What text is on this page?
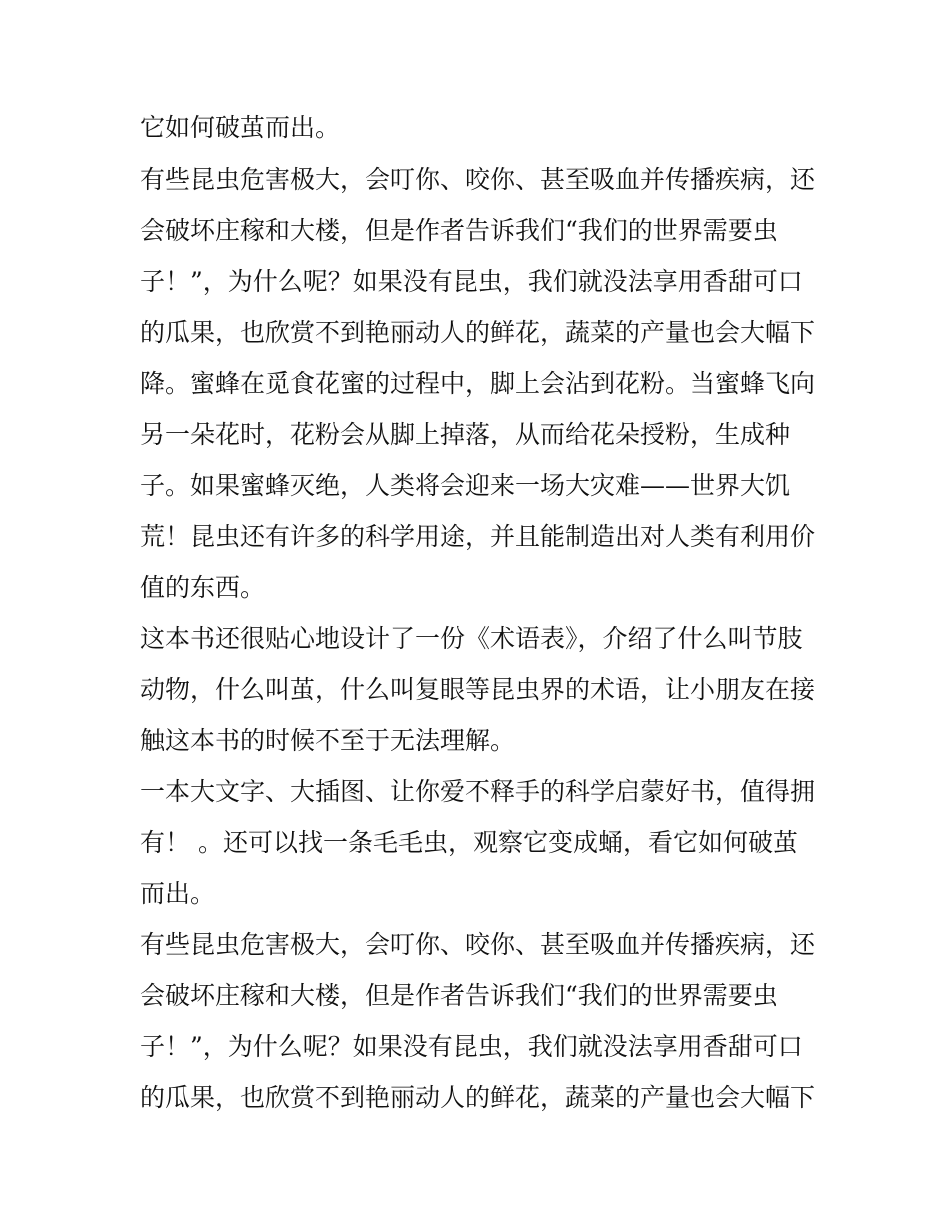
它如何破茧而出。
有些昆虫危害极大，会叮你、咬你、甚至吸血并传播疾病，还
会破坏庄稼和大楼，但是作者告诉我们“我们的世界需要虫
子！”，为什么呢？如果没有昆虫，我们就没法享用香甜可口
的瓜果，也欣赏不到艳丽动人的鲜花，蔬菜的产量也会大幅下
降。蜜蜂在觅食花蜜的过程中，脚上会沾到花粉。当蜜蜂飞向
另一朵花时，花粉会从脚上掉落，从而给花朵授粉，生成种
子。如果蜜蜂灭绝，人类将会迎来一场大灾难——世界大饥
荒！昆虫还有许多的科学用途，并且能制造出对人类有利用价
值的东西。
这本书还很贴心地设计了一份《术语表》，介绍了什么叫节肢
动物，什么叫茧，什么叫复眼等昆虫界的术语，让小朋友在接
触这本书的时候不至于无法理解。
一本大文字、大插图、让你爱不释手的科学启蒙好书，值得拥
有！ 。还可以找一条毛毛虫，观察它变成蛹，看它如何破茧
而出。
有些昆虫危害极大，会叮你、咬你、甚至吸血并传播疾病，还
会破坏庄稼和大楼，但是作者告诉我们“我们的世界需要虫
子！”，为什么呢？如果没有昆虫，我们就没法享用香甜可口
的瓜果，也欣赏不到艳丽动人的鲜花，蔬菜的产量也会大幅下
